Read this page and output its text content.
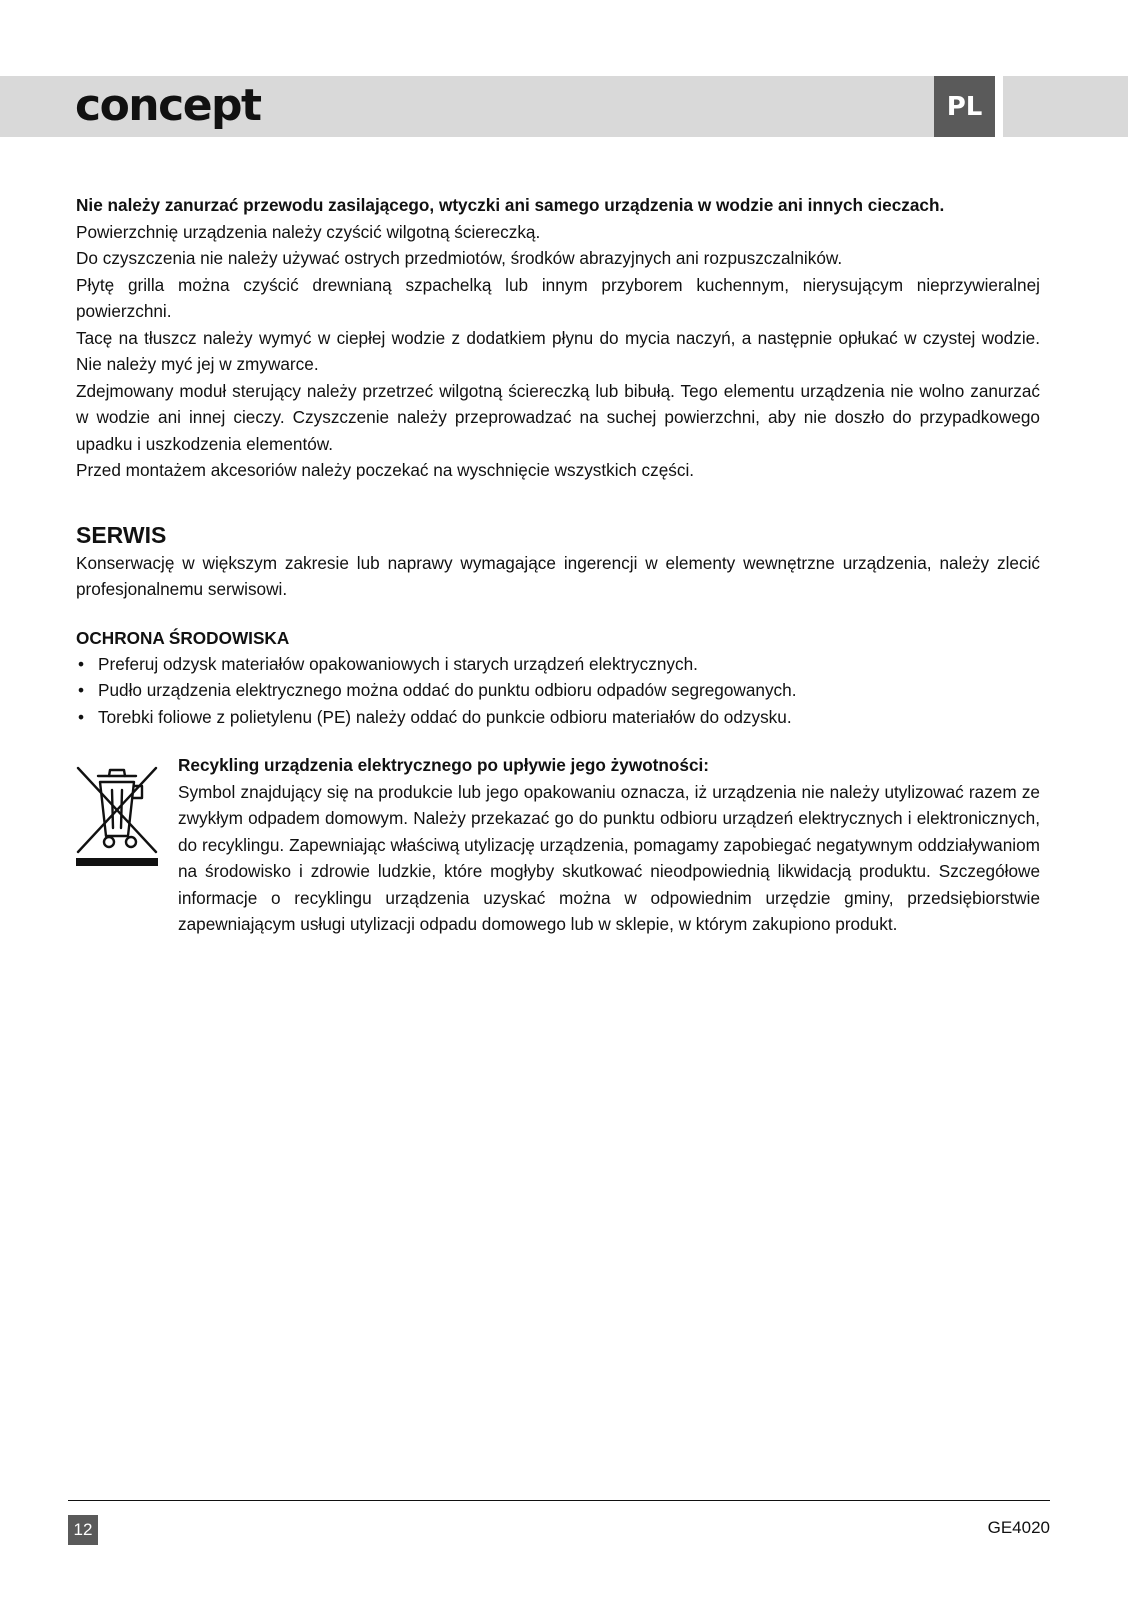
concept	PL

Nie należy zanurzać przewodu zasilającego, wtyczki ani samego urządzenia w wodzie ani innych cieczach.

Powierzchnię urządzenia należy czyścić wilgotną ściereczką.

Do czyszczenia nie należy używać ostrych przedmiotów, środków abrazyjnych ani rozpuszczalników.

Płytę grilla można czyścić drewnianą szpachelką lub innym przyborem kuchennym, nierysującym nieprzywieralnej powierzchni.

Tacę na tłuszcz należy wymyć w ciepłej wodzie z dodatkiem płynu do mycia naczyń, a następnie opłukać w czystej wodzie. Nie należy myć jej w zmywarce.

Zdejmowany moduł sterujący należy przetrzeć wilgotną ściereczką lub bibułą. Tego elementu urządzenia nie wolno zanurzać w wodzie ani innej cieczy. Czyszczenie należy przeprowadzać na suchej powierzchni, aby nie doszło do przypadkowego upadku i uszkodzenia elementów.

Przed montażem akcesoriów należy poczekać na wyschnięcie wszystkich części.

SERWIS

Konserwację w większym zakresie lub naprawy wymagające ingerencji w elementy wewnętrzne urządzenia, należy zlecić profesjonalnemu serwisowi.

OCHRONA ŚRODOWISKA
• Preferuj odzysk materiałów opakowaniowych i starych urządzeń elektrycznych.
• Pudło urządzenia elektrycznego można oddać do punktu odbioru odpadów segregowanych.
• Torebki foliowe z polietylenu (PE) należy oddać do punkcie odbioru materiałów do odzysku.

Recykling urządzenia elektrycznego po upływie jego żywotności:

Symbol znajdujący się na produkcie lub jego opakowaniu oznacza, iż urządzenia nie należy utylizować razem ze zwykłym odpadem domowym. Należy przekazać go do punktu odbioru urządzeń elektrycznych i elektronicznych, do recyklingu. Zapewniając właściwą utylizację urządzenia, pomagamy zapobiegać negatywnym oddziaływaniom na środowisko i zdrowie ludzkie, które mogłyby skutkować nieodpowiednią likwidacją produktu. Szczegółowe informacje o recyklingu urządzenia uzyskać można w odpowiednim urzędzie gminy, przedsiębiorstwie zapewniającym usługi utylizacji odpadu domowego lub w sklepie, w którym zakupiono produkt.

12	GE4020
